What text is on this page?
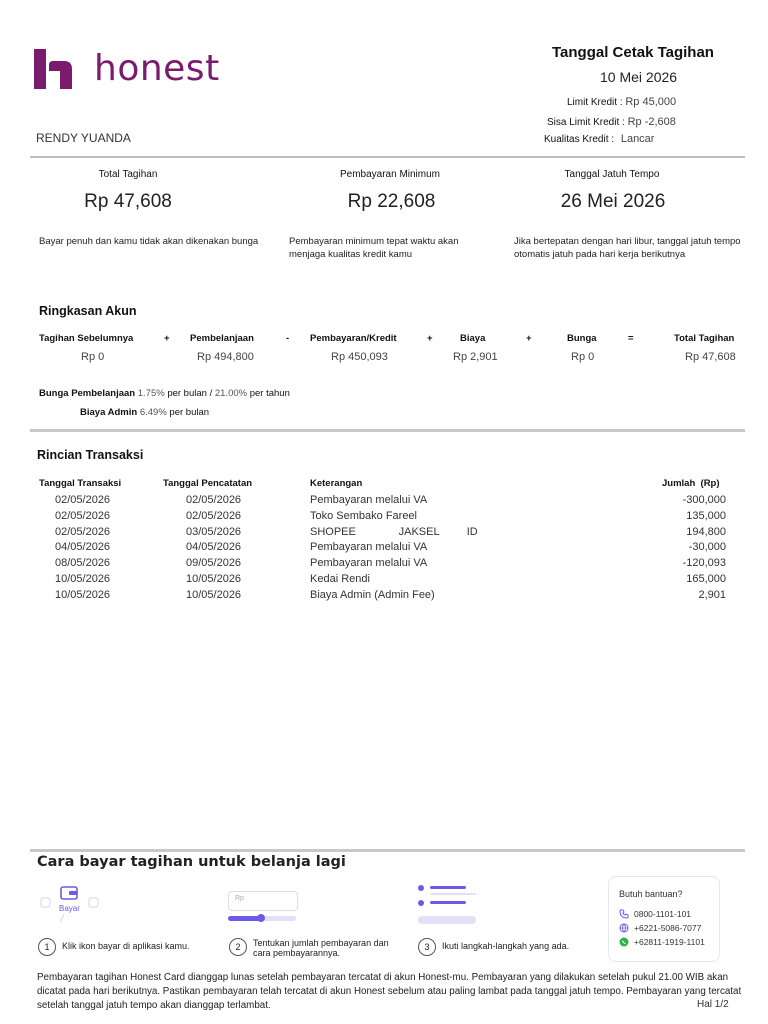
honest	Tanggal Cetak Tagihan
10 Mei 2026
Limit Kredit : Rp 45,000
Sisa Limit Kredit : Rp -2,608
Kualitas Kredit : Lancar
RENDY YUANDA
Total Tagihan
Rp 47,608
Bayar penuh dan kamu tidak akan dikenakan bunga
Pembayaran Minimum
Rp 22,608
Pembayaran minimum tepat waktu akan menjaga kualitas kredit kamu
Tanggal Jatuh Tempo
26 Mei 2026
Jika bertepatan dengan hari libur, tanggal jatuh tempo otomatis jatuh pada hari kerja berikutnya
Ringkasan Akun
Tagihan Sebelumnya	+ Pembelanjaan	- Pembayaran/Kredit	+	Biaya	+	Bunga	=	Total Tagihan
Rp 0	Rp 494,800	Rp 450,093	Rp 2,901	Rp 0	Rp 47,608
Bunga Pembelanjaan 1.75% per bulan / 21.00% per tahun
Biaya Admin 6.49% per bulan
Rincian Transaksi
Tanggal Transaksi	Tanggal Pencatatan	Keterangan	Jumlah  (Rp)
02/05/2026	02/05/2026	Pembayaran melalui VA	-300,000
02/05/2026	02/05/2026	Toko Sembako Fareel	135,000
02/05/2026	03/05/2026	SHOPEE              JAKSEL         ID	194,800
04/05/2026	04/05/2026	Pembayaran melalui VA	-30,000
08/05/2026	09/05/2026	Pembayaran melalui VA	-120,093
10/05/2026	10/05/2026	Kedai Rendi	165,000
10/05/2026	10/05/2026	Biaya Admin (Admin Fee)	2,901
Cara bayar tagihan untuk belanja lagi
Bayar
Rp
1	Klik ikon bayar di aplikasi kamu.	2	Tentukan jumlah pembayaran dan cara pembayarannya.
3	Ikuti langkah-langkah yang ada.
Butuh bantuan?
0800-1101-101
+6221-5086-7077
+62811-1919-1101
Pembayaran tagihan Honest Card dianggap lunas setelah pembayaran tercatat di akun Honest-mu. Pembayaran yang dilakukan setelah pukul 21.00 WIB akan dicatat pada hari berikutnya. Pastikan pembayaran telah tercatat di akun Honest sebelum atau paling lambat pada tanggal jatuh tempo. Pembayaran yang tercatat setelah tanggal jatuh tempo akan dianggap terlambat.	Hal 1/2
